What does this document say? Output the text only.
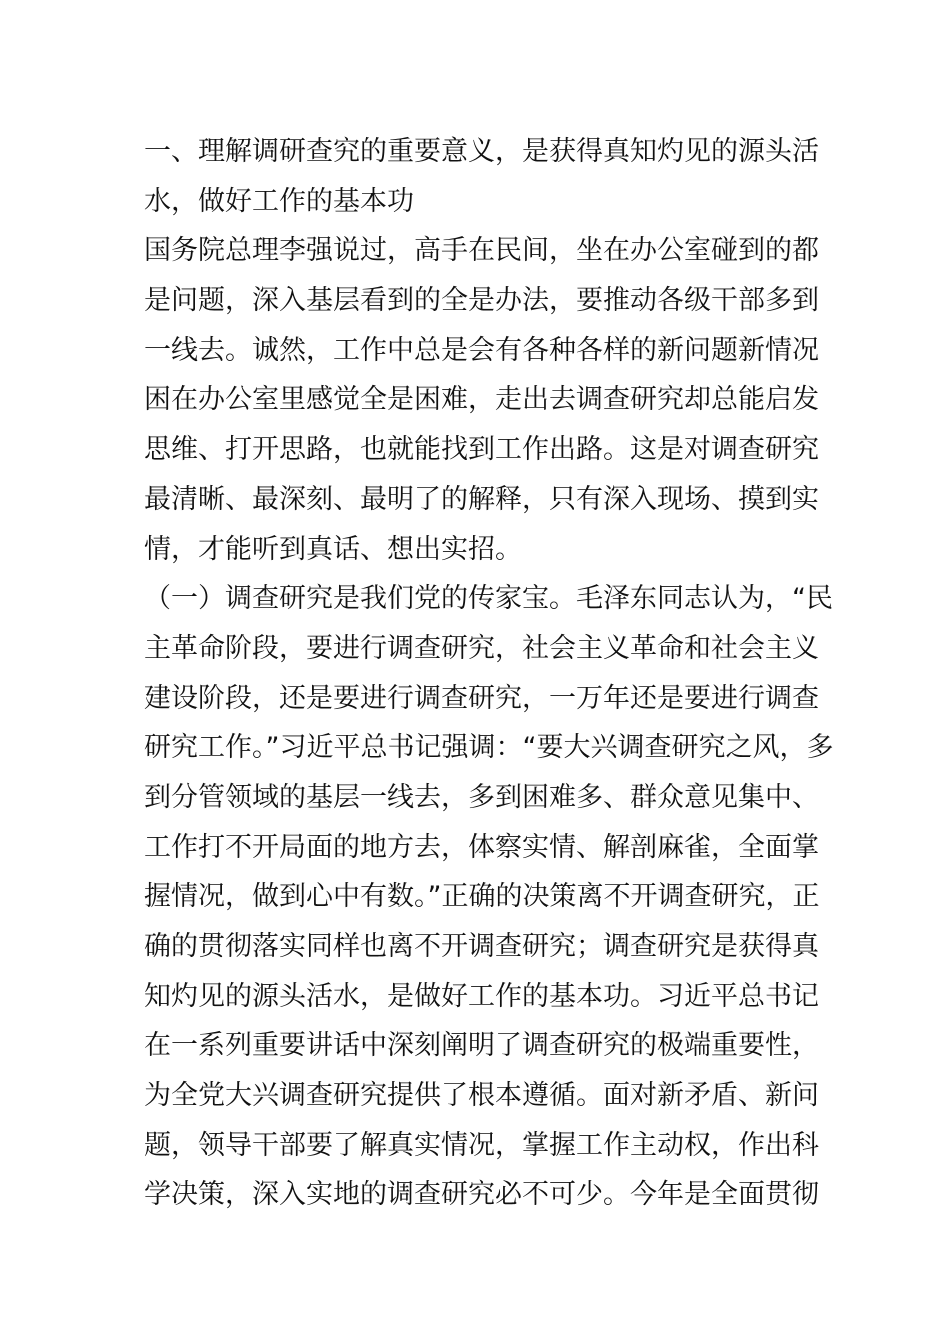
一、理解调研查究的重要意义，是获得真知灼见的源头活
水，做好工作的基本功
国务院总理李强说过，高手在民间，坐在办公室碰到的都
是问题，深入基层看到的全是办法，要推动各级干部多到
一线去。诚然，工作中总是会有各种各样的新问题新情况
困在办公室里感觉全是困难，走出去调查研究却总能启发
思维、打开思路，也就能找到工作出路。这是对调查研究
最清晰、最深刻、最明了的解释，只有深入现场、摸到实
情，才能听到真话、想出实招。
（一）调查研究是我们党的传家宝。毛泽东同志认为，“民
主革命阶段，要进行调查研究，社会主义革命和社会主义
建设阶段，还是要进行调查研究，一万年还是要进行调查
研究工作。”习近平总书记强调：“要大兴调查研究之风，多
到分管领域的基层一线去，多到困难多、群众意见集中、
工作打不开局面的地方去，体察实情、解剖麻雀，全面掌
握情况，做到心中有数。”正确的决策离不开调查研究，正
确的贯彻落实同样也离不开调查研究；调查研究是获得真
知灼见的源头活水，是做好工作的基本功。习近平总书记
在一系列重要讲话中深刻阐明了调查研究的极端重要性，
为全党大兴调查研究提供了根本遵循。面对新矛盾、新问
题，领导干部要了解真实情况，掌握工作主动权，作出科
学决策，深入实地的调查研究必不可少。今年是全面贯彻
